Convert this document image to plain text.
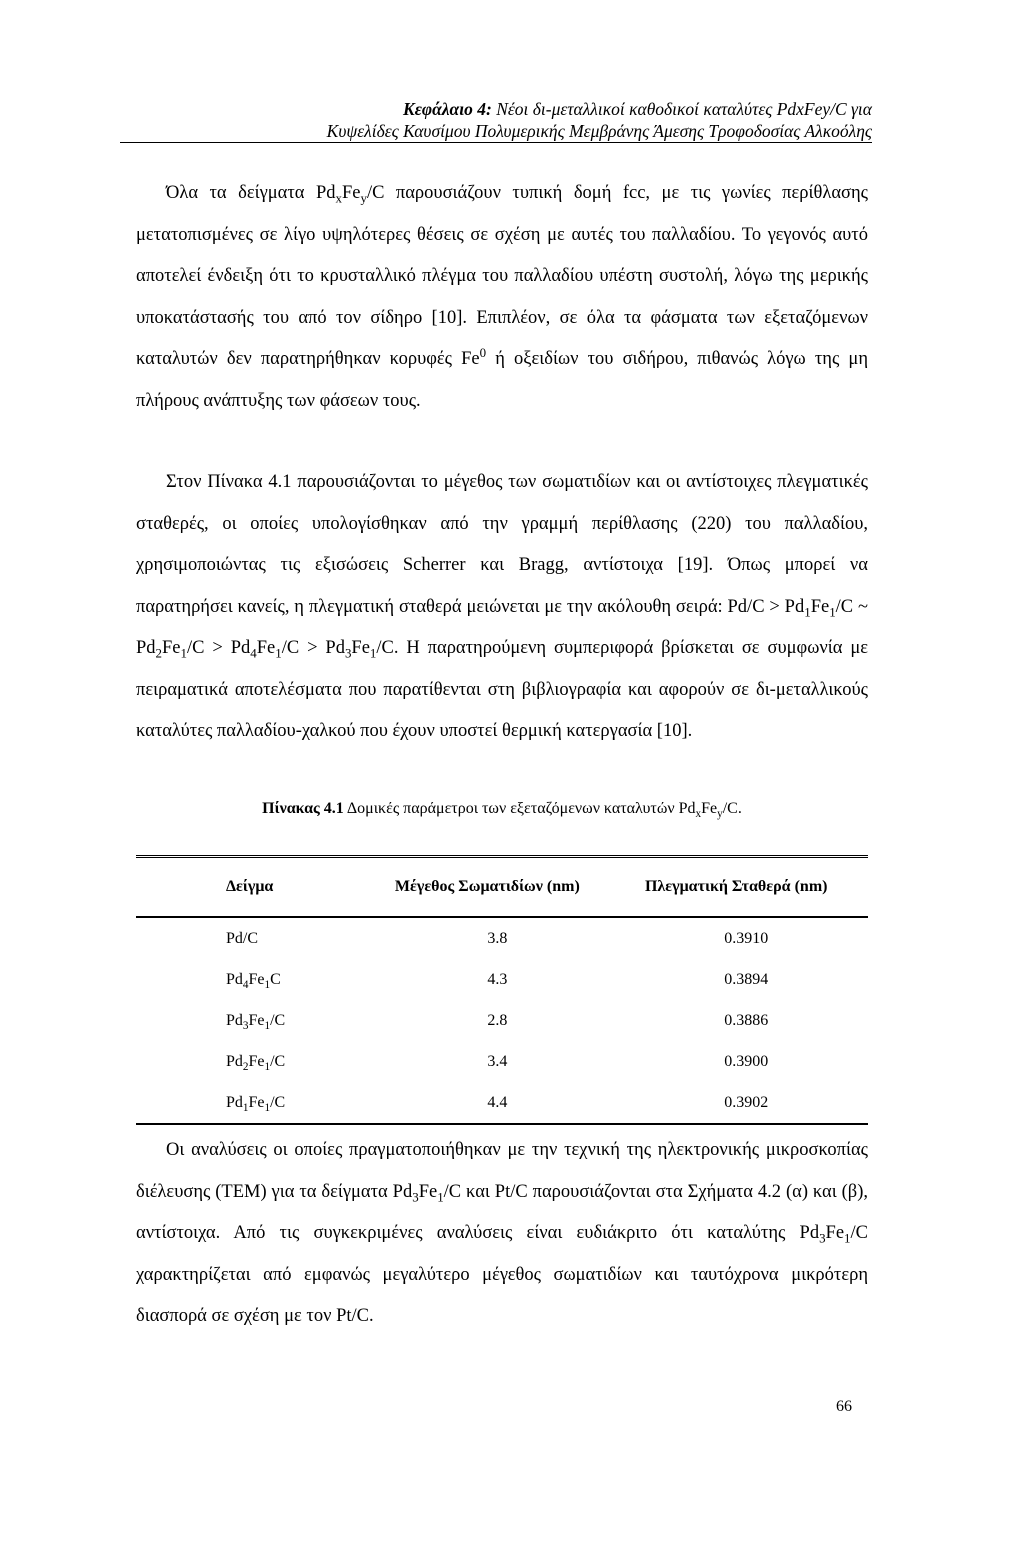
Κεφάλαιο 4: Νέοι δι-μεταλλικοί καθοδικοί καταλύτες PdxFey/C για
Κυψελίδες Καυσίμου Πολυμερικής Μεμβράνης Άμεσης Τροφοδοσίας Αλκοόλης

Όλα τα δείγματα $Pd_xFe_y/C$ παρουσιάζουν τυπική δομή fcc, με τις γωνίες περίθλασης μετατοπισμένες σε λίγο υψηλότερες θέσεις σε σχέση με αυτές του παλλαδίου. Το γεγονός αυτό αποτελεί ένδειξη ότι το κρυσταλλικό πλέγμα του παλλαδίου υπέστη συστολή, λόγω της μερικής υποκατάστασής του από τον σίδηρο [10]. Επιπλέον, σε όλα τα φάσματα των εξεταζόμενων καταλυτών δεν παρατηρήθηκαν κορυφές Fe$^0$ ή οξειδίων του σιδήρου, πιθανώς λόγω της μη πλήρους ανάπτυξης των φάσεων τους.

Στον Πίνακα 4.1 παρουσιάζονται το μέγεθος των σωματιδίων και οι αντίστοιχες πλεγματικές σταθερές, οι οποίες υπολογίσθηκαν από την γραμμή περίθλασης (220) του παλλαδίου, χρησιμοποιώντας τις εξισώσεις Scherrer και Bragg, αντίστοιχα [19]. Όπως μπορεί να παρατηρήσει κανείς, η πλεγματική σταθερά μειώνεται με την ακόλουθη σειρά: $Pd/C > Pd_1Fe_1/C$ ~ $Pd_2Fe_1/C > Pd_4Fe_1/C > Pd_3Fe_1/C$. Η παρατηρούμενη συμπεριφορά βρίσκεται σε συμφωνία με πειραματικά αποτελέσματα που παρατίθενται στη βιβλιογραφία και αφορούν σε δι-μεταλλικούς καταλύτες παλλαδίου-χαλκού που έχουν υποστεί θερμική κατεργασία [10].

Πίνακας 4.1 Δομικές παράμετροι των εξεταζόμενων καταλυτών $Pd_xFe_y/C$.
Δείγμα	Μέγεθος Σωματιδίων (nm)	Πλεγματική Σταθερά (nm)
Pd/C	3.8	0.3910
$Pd_4Fe_1C$	4.3	0.3894
$Pd_3Fe_1/C$	2.8	0.3886
$Pd_2Fe_1/C$	3.4	0.3900
$Pd_1Fe_1/C$	4.4	0.3902

Οι αναλύσεις οι οποίες πραγματοποιήθηκαν με την τεχνική της ηλεκτρονικής μικροσκοπίας διέλευσης (TEM) για τα δείγματα $Pd_3Fe_1/C$ και Pt/C παρουσιάζονται στα Σχήματα 4.2 (α) και (β), αντίστοιχα. Από τις συγκεκριμένες αναλύσεις είναι ευδιάκριτο ότι καταλύτης $Pd_3Fe_1/C$ χαρακτηρίζεται από εμφανώς μεγαλύτερο μέγεθος σωματιδίων και ταυτόχρονα μικρότερη διασπορά σε σχέση με τον Pt/C.

66
